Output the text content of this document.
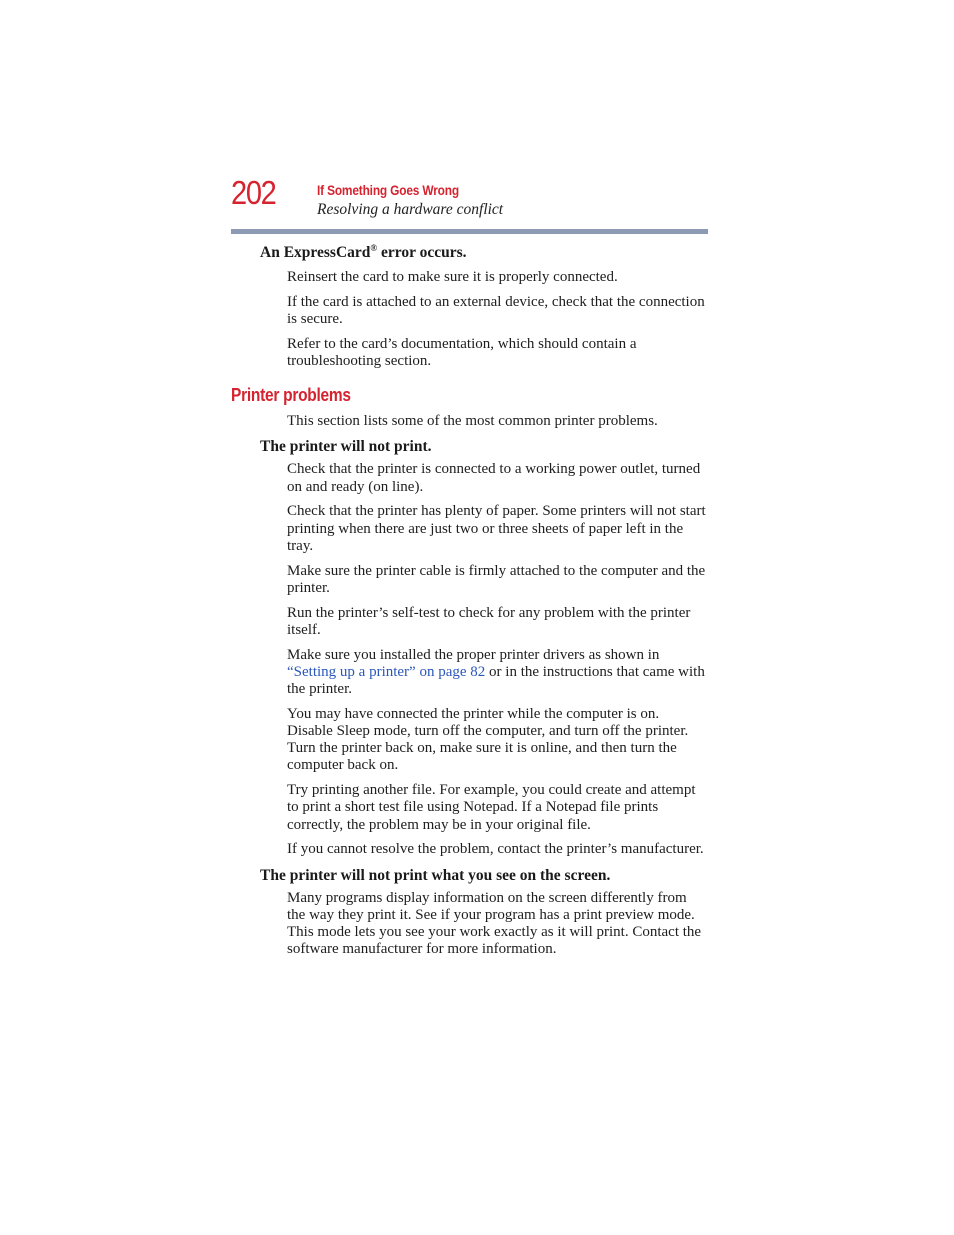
202	If Something Goes Wrong
Resolving a hardware conflict
An ExpressCard® error occurs.

Reinsert the card to make sure it is properly connected.

If the card is attached to an external device, check that the connection is secure.

Refer to the card’s documentation, which should contain a troubleshooting section.

Printer problems

This section lists some of the most common printer problems.

The printer will not print.

Check that the printer is connected to a working power outlet, turned on and ready (on line).

Check that the printer has plenty of paper. Some printers will not start printing when there are just two or three sheets of paper left in the tray.

Make sure the printer cable is firmly attached to the computer and the printer.

Run the printer’s self-test to check for any problem with the printer itself.

Make sure you installed the proper printer drivers as shown in “Setting up a printer” on page 82 or in the instructions that came with the printer.

You may have connected the printer while the computer is on. Disable Sleep mode, turn off the computer, and turn off the printer. Turn the printer back on, make sure it is online, and then turn the computer back on.

Try printing another file. For example, you could create and attempt to print a short test file using Notepad. If a Notepad file prints correctly, the problem may be in your original file.

If you cannot resolve the problem, contact the printer’s manufacturer.

The printer will not print what you see on the screen.

Many programs display information on the screen differently from the way they print it. See if your program has a print preview mode. This mode lets you see your work exactly as it will print. Contact the software manufacturer for more information.
